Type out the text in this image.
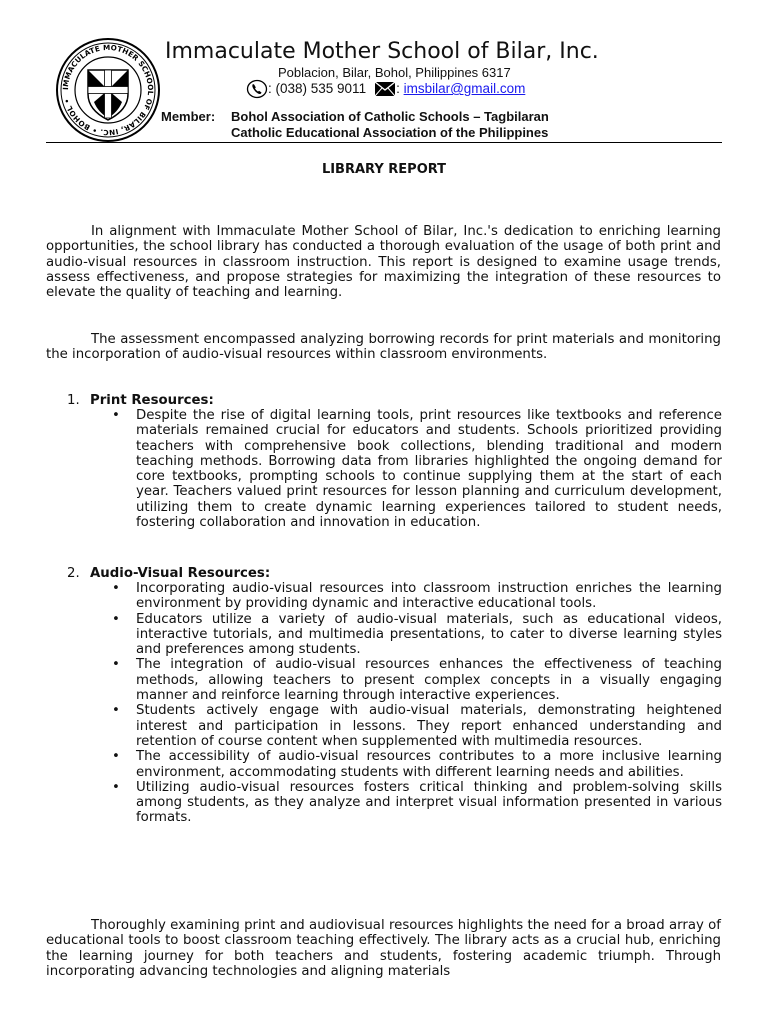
IMMACULATE MOTHER SCHOOL OF BILAR, INC. • BOHOL •
Immaculate Mother School of Bilar, Inc.
Poblacion, Bilar, Bohol, Philippines 6317
: (038) 535 9011 : imsbilar@gmail.com
Member: Bohol Association of Catholic Schools – Tagbilaran
Catholic Educational Association of the Philippines
LIBRARY REPORT

In alignment with Immaculate Mother School of Bilar, Inc.'s dedication to enriching learning opportunities, the school library has conducted a thorough evaluation of the usage of both print and audio-visual resources in classroom instruction. This report is designed to examine usage trends, assess effectiveness, and propose strategies for maximizing the integration of these resources to elevate the quality of teaching and learning.

The assessment encompassed analyzing borrowing records for print materials and monitoring the incorporation of audio-visual resources within classroom environments.

1. Print Resources:
•	Despite the rise of digital learning tools, print resources like textbooks and reference materials remained crucial for educators and students. Schools prioritized providing teachers with comprehensive book collections, blending traditional and modern teaching methods. Borrowing data from libraries highlighted the ongoing demand for core textbooks, prompting schools to continue supplying them at the start of each year. Teachers valued print resources for lesson planning and curriculum development, utilizing them to create dynamic learning experiences tailored to student needs, fostering collaboration and innovation in education.
2. Audio-Visual Resources:
•	Incorporating audio-visual resources into classroom instruction enriches the learning environment by providing dynamic and interactive educational tools.
•	Educators utilize a variety of audio-visual materials, such as educational videos, interactive tutorials, and multimedia presentations, to cater to diverse learning styles and preferences among students.
•	The integration of audio-visual resources enhances the effectiveness of teaching methods, allowing teachers to present complex concepts in a visually engaging manner and reinforce learning through interactive experiences.
•	Students actively engage with audio-visual materials, demonstrating heightened interest and participation in lessons. They report enhanced understanding and retention of course content when supplemented with multimedia resources.
•	The accessibility of audio-visual resources contributes to a more inclusive learning environment, accommodating students with different learning needs and abilities.
•	Utilizing audio-visual resources fosters critical thinking and problem-solving skills among students, as they analyze and interpret visual information presented in various formats.

Thoroughly examining print and audiovisual resources highlights the need for a broad array of educational tools to boost classroom teaching effectively. The library acts as a crucial hub, enriching the learning journey for both teachers and students, fostering academic triumph. Through incorporating advancing technologies and aligning materials
